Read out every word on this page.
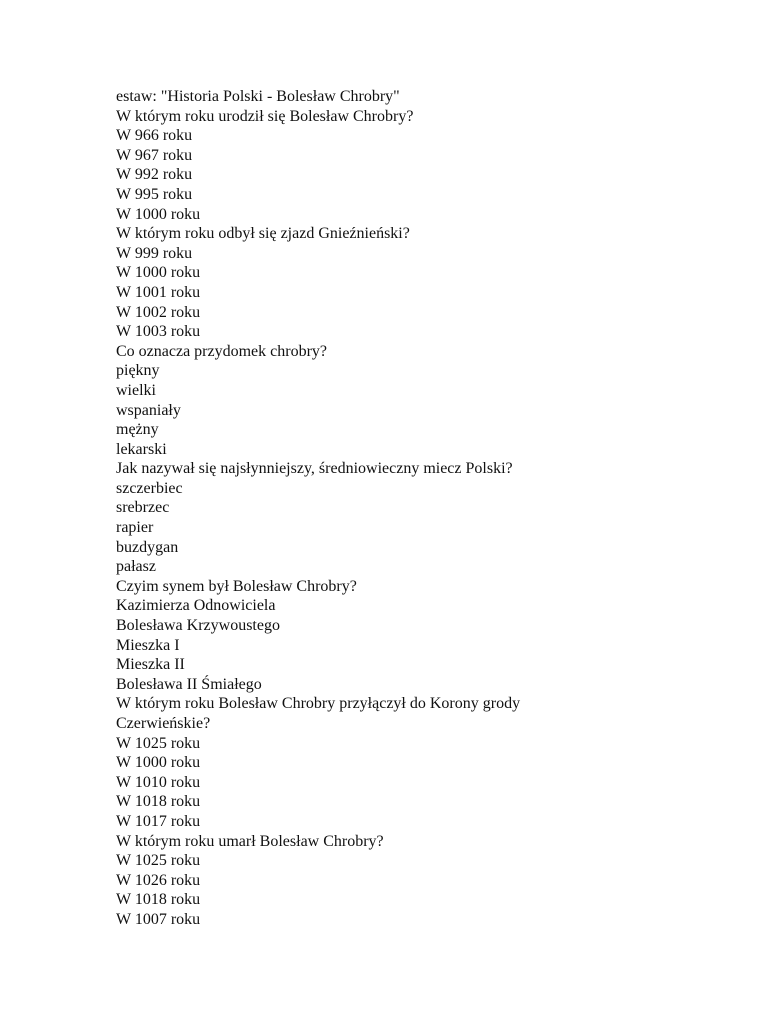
estaw: "Historia Polski - Bolesław Chrobry"
W którym roku urodził się Bolesław Chrobry?
W 966 roku
W 967 roku
W 992 roku
W 995 roku
W 1000 roku
W którym roku odbył się zjazd Gnieźnieński?
W 999 roku
W 1000 roku
W 1001 roku
W 1002 roku
W 1003 roku
Co oznacza przydomek chrobry?
piękny
wielki
wspaniały
mężny
lekarski
Jak nazywał się najsłynniejszy, średniowieczny miecz Polski?
szczerbiec
srebrzec
rapier
buzdygan
pałasz
Czyim synem był Bolesław Chrobry?
Kazimierza Odnowiciela
Bolesława Krzywoustego
Mieszka I
Mieszka II
Bolesława II Śmiałego
W którym roku Bolesław Chrobry przyłączył do Korony grody Czerwieńskie?
W 1025 roku
W 1000 roku
W 1010 roku
W 1018 roku
W 1017 roku
W którym roku umarł Bolesław Chrobry?
W 1025 roku
W 1026 roku
W 1018 roku
W 1007 roku
